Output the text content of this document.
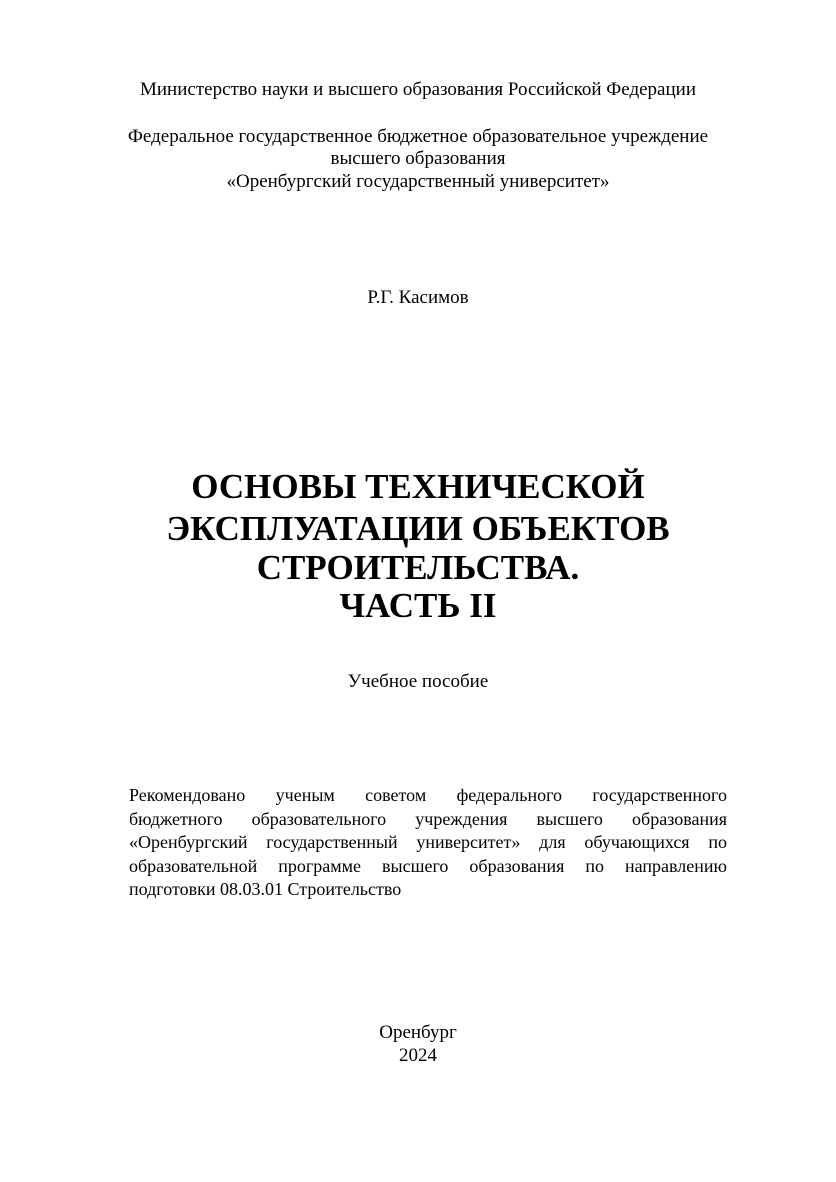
Министерство науки и высшего образования Российской Федерации
Федеральное государственное бюджетное образовательное учреждение
высшего образования
«Оренбургский государственный университет»
Р.Г. Касимов
ОСНОВЫ ТЕХНИЧЕСКОЙ
ЭКСПЛУАТАЦИИ ОБЪЕКТОВ
СТРОИТЕЛЬСТВА.
ЧАСТЬ II
Учебное пособие
Рекомендовано ученым советом федерального государственного
бюджетного образовательного учреждения высшего образования
«Оренбургский государственный университет» для обучающихся по
образовательной программе высшего образования по направлению
подготовки 08.03.01 Строительство
Оренбург
2024
